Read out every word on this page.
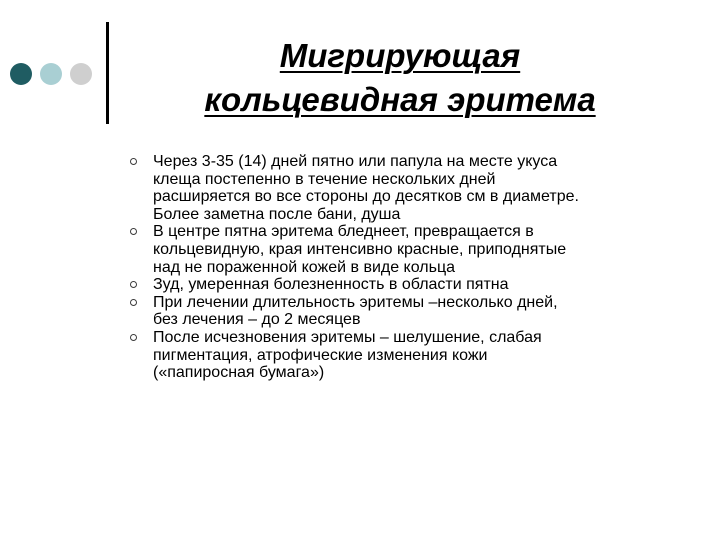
Мигрирующая
кольцевидная эритема
Через 3-35 (14) дней пятно или папула на месте укуса
клеща постепенно в течение нескольких дней
расширяется во все стороны до десятков см в диаметре.
Более заметна после бани, душа
В центре пятна эритема бледнеет, превращается в
кольцевидную, края интенсивно красные, приподнятые
над не пораженной кожей в виде кольца
Зуд, умеренная болезненность в области пятна
При лечении длительность эритемы –несколько дней,
без лечения – до 2 месяцев
После исчезновения эритемы – шелушение, слабая
пигментация, атрофические изменения кожи
(«папиросная бумага»)
